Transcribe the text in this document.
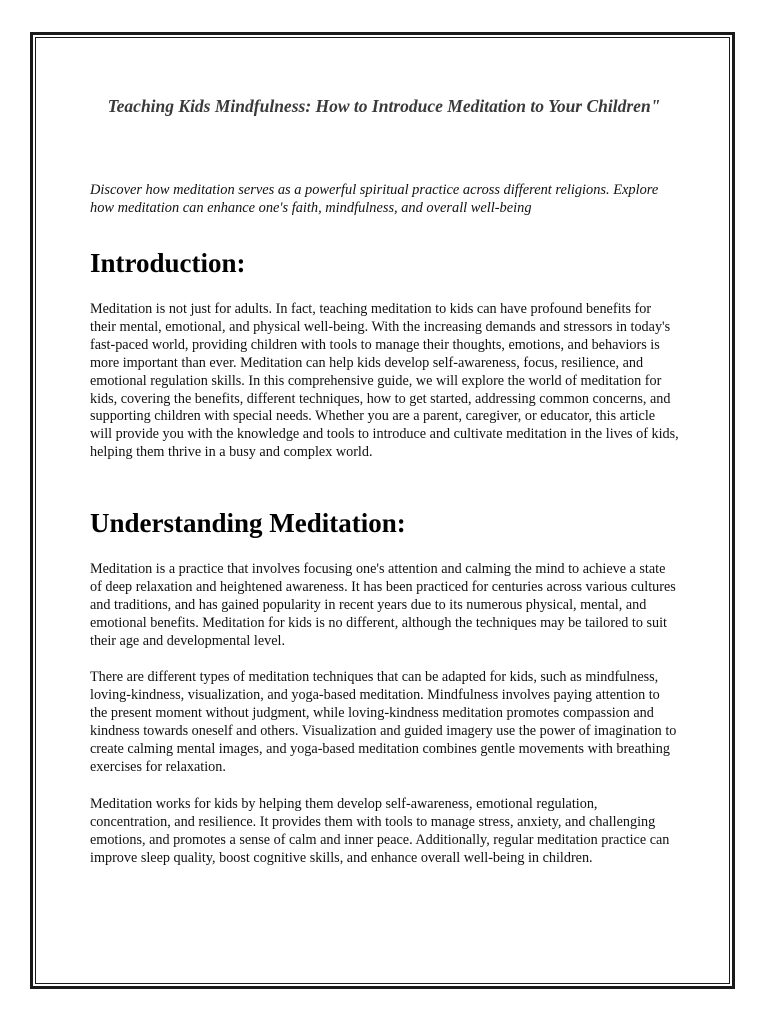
Teaching Kids Mindfulness: How to Introduce Meditation to Your Children"

Discover how meditation serves as a powerful spiritual practice across different religions. Explore how meditation can enhance one's faith, mindfulness, and overall well-being

Introduction:

Meditation is not just for adults. In fact, teaching meditation to kids can have profound benefits for their mental, emotional, and physical well-being. With the increasing demands and stressors in today's fast-paced world, providing children with tools to manage their thoughts, emotions, and behaviors is more important than ever. Meditation can help kids develop self-awareness, focus, resilience, and emotional regulation skills. In this comprehensive guide, we will explore the world of meditation for kids, covering the benefits, different techniques, how to get started, addressing common concerns, and supporting children with special needs. Whether you are a parent, caregiver, or educator, this article will provide you with the knowledge and tools to introduce and cultivate meditation in the lives of kids, helping them thrive in a busy and complex world.

Understanding Meditation:

Meditation is a practice that involves focusing one's attention and calming the mind to achieve a state of deep relaxation and heightened awareness. It has been practiced for centuries across various cultures and traditions, and has gained popularity in recent years due to its numerous physical, mental, and emotional benefits. Meditation for kids is no different, although the techniques may be tailored to suit their age and developmental level.

There are different types of meditation techniques that can be adapted for kids, such as mindfulness, loving-kindness, visualization, and yoga-based meditation. Mindfulness involves paying attention to the present moment without judgment, while loving-kindness meditation promotes compassion and kindness towards oneself and others. Visualization and guided imagery use the power of imagination to create calming mental images, and yoga-based meditation combines gentle movements with breathing exercises for relaxation.

Meditation works for kids by helping them develop self-awareness, emotional regulation, concentration, and resilience. It provides them with tools to manage stress, anxiety, and challenging emotions, and promotes a sense of calm and inner peace. Additionally, regular meditation practice can improve sleep quality, boost cognitive skills, and enhance overall well-being in children.
